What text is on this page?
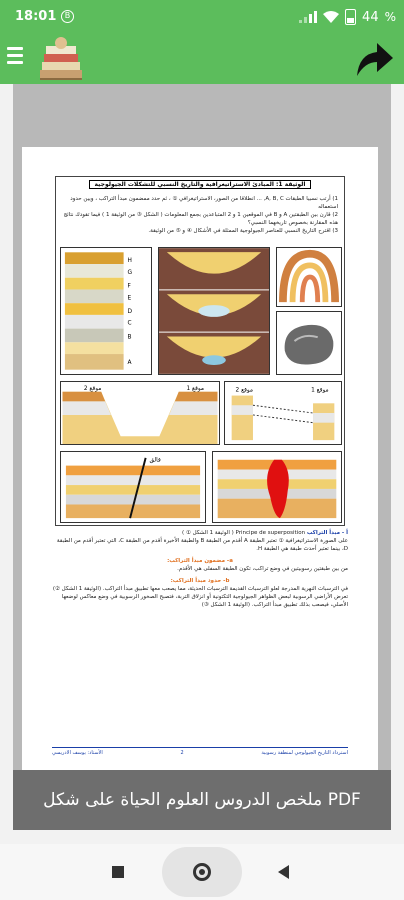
18:01	B	44 %
الوثيقة 1: المبادئ الاستراتيغرافية والتاريخ النسبي للتشكلات الجيولوجية
1) أرتب نسبيا الطبقات A, B, C, ... انطلاقا من الصور، الاستراتيغرافي ① ، ثم حدد ممضمون مبدأ التراكب ، ويين حدود استعماله
2) قارن بين الطبقتين A و B في الموقعين 1 و 2 المتباعدين بجمع المعلومات ( الشكل ③ من الوثيقة 1 ) فيما تقودك نتائج هذه المقارنة بخصوص تاريخهما النسبي؟
3) اقترح التاريخ النسبي للعناصر الجيولوجية الممثلة في الأشكال ④ و ⑤ من الوثيقة.
H
G
F
E
D
C
B
A
موقع 2	موقع 1	موقع 2	موقع 1
فالق
أ - مبدأ التراكب Principe de superposition ( الوثيقة 1 الشكل ① )
على الصورة الاستراتيغرافية ① تعتبر الطبقة A أقدم من الطبقة B والطبقة الأخيرة أقدم من الطبقة C، التي تعتبر أقدم من الطبقة D، بينما تعتبر أحدث طبقة هي الطبقة H.
a- مضمون مبدأ التراكب:
من بين طبقتين رسوبيتين في وضع تراكب، تكون الطبقة السفلى هي الأقدم.
b- حدود مبدأ التراكب:
في الترسبات النهرية المدرجة لعلو الترسبات القديمة الترسبات الحديثة، مما يصعب معها تطبيق مبدأ التراكب. (الوثيقة 1 الشكل ②)
تعرض الأراضي الرسوبية لبعض الظواهر الجيولوجية التكتونية أو انزلاق التربة، فتصبح الصخور الرسوبية في وضع معاكس لوضعها الأصلي، فيصعب بذلك تطبيق مبدأ التراكب. (الوثيقة 1 الشكل ③)
الأستاذ: يوسف الادريسي	2	استرداد التاريخ الجيولوجي لمنطقة رسوبية
ملخص الدروس العلوم الحياة على شكل PDF
